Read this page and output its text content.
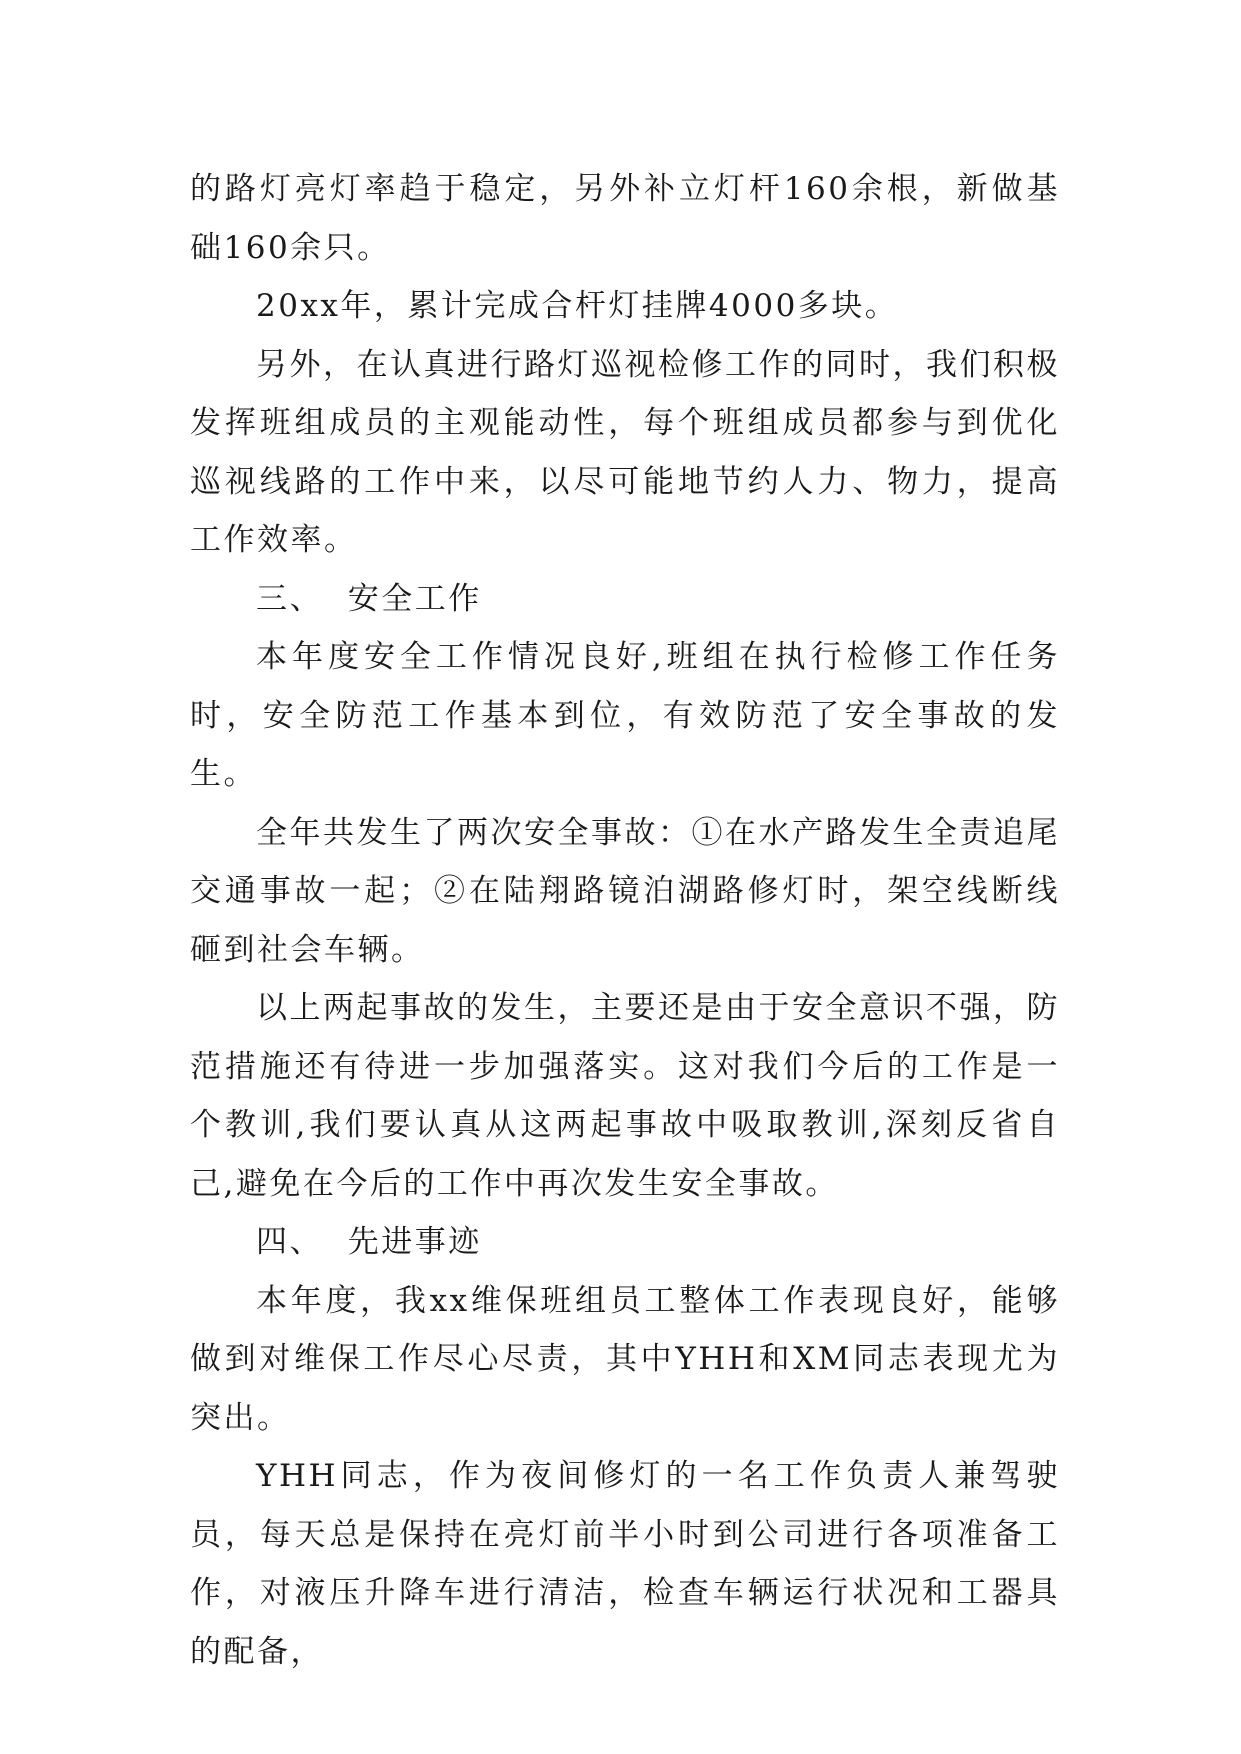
的路灯亮灯率趋于稳定，另外补立灯杆160余根，新做基础160余只。

20xx年，累计完成合杆灯挂牌4000多块。

另外，在认真进行路灯巡视检修工作的同时，我们积极发挥班组成员的主观能动性，每个班组成员都参与到优化巡视线路的工作中来，以尽可能地节约人力、物力，提高工作效率。

三、  安全工作

本年度安全工作情况良好,班组在执行检修工作任务时，安全防范工作基本到位，有效防范了安全事故的发生。

全年共发生了两次安全事故：①在水产路发生全责追尾交通事故一起；②在陆翔路镜泊湖路修灯时，架空线断线砸到社会车辆。

以上两起事故的发生，主要还是由于安全意识不强，防范措施还有待进一步加强落实。这对我们今后的工作是一个教训,我们要认真从这两起事故中吸取教训,深刻反省自己,避免在今后的工作中再次发生安全事故。

四、  先进事迹

本年度，我xx维保班组员工整体工作表现良好，能够做到对维保工作尽心尽责，其中YHH和XM同志表现尤为突出。

YHH同志，作为夜间修灯的一名工作负责人兼驾驶员，每天总是保持在亮灯前半小时到公司进行各项准备工作，对液压升降车进行清洁，检查车辆运行状况和工器具的配备，
